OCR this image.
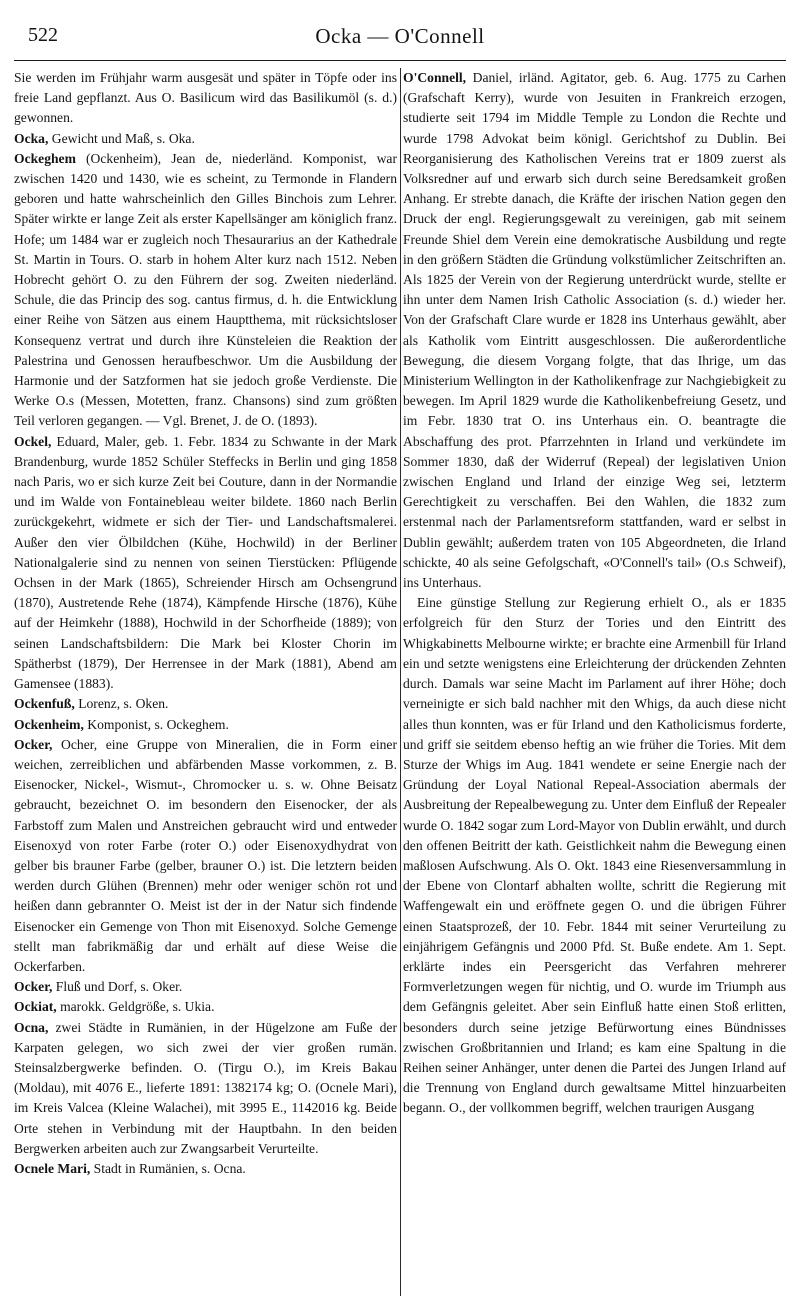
522	Ocka — O'Connell

Sie werden im Frühjahr warm ausgesät und später in Töpfe oder ins freie Land gepflanzt. Aus O. Basilicum wird das Basilikumöl (s. d.) gewonnen.

Ocka, Gewicht und Maß, s. Oka.

Ockeghem (Ockenheim), Jean de, niederländ. Komponist, war zwischen 1420 und 1430, wie es scheint, zu Termonde in Flandern geboren und hatte wahrscheinlich den Gilles Binchois zum Lehrer. Später wirkte er lange Zeit als erster Kapellsänger am königlich franz. Hofe; um 1484 war er zugleich noch Thesaurarius an der Kathedrale St. Martin in Tours. O. starb in hohem Alter kurz nach 1512. Neben Hobrecht gehört O. zu den Führern der sog. Zweiten niederländ. Schule, die das Princip des sog. cantus firmus, d. h. die Entwicklung einer Reihe von Sätzen aus einem Hauptthema, mit rücksichtsloser Konsequenz vertrat und durch ihre Künsteleien die Reaktion der Palestrina und Genossen heraufbeschwor. Um die Ausbildung der Harmonie und der Satzformen hat sie jedoch große Verdienste. Die Werke O.s (Messen, Motetten, franz. Chansons) sind zum größten Teil verloren gegangen. — Vgl. Brenet, J. de O. (1893).

Ockel, Eduard, Maler, geb. 1. Febr. 1834 zu Schwante in der Mark Brandenburg, wurde 1852 Schüler Steffecks in Berlin und ging 1858 nach Paris, wo er sich kurze Zeit bei Couture, dann in der Normandie und im Walde von Fontainebleau weiter bildete. 1860 nach Berlin zurückgekehrt, widmete er sich der Tier- und Landschaftsmalerei. Außer den vier Ölbildchen (Kühe, Hochwild) in der Berliner Nationalgalerie sind zu nennen von seinen Tierstücken: Pflügende Ochsen in der Mark (1865), Schreiender Hirsch am Ochsengrund (1870), Austretende Rehe (1874), Kämpfende Hirsche (1876), Kühe auf der Heimkehr (1888), Hochwild in der Schorfheide (1889); von seinen Landschaftsbildern: Die Mark bei Kloster Chorin im Spätherbst (1879), Der Herrensee in der Mark (1881), Abend am Gamensee (1883).

Ockenfuß, Lorenz, s. Oken.

Ockenheim, Komponist, s. Ockeghem.

Ocker, Ocher, eine Gruppe von Mineralien, die in Form einer weichen, zerreiblichen und abfärbenden Masse vorkommen, z. B. Eisenocker, Nickel-, Wismut-, Chromocker u. s. w. Ohne Beisatz gebraucht, bezeichnet O. im besondern den Eisenocker, der als Farbstoff zum Malen und Anstreichen gebraucht wird und entweder Eisenoxyd von roter Farbe (roter O.) oder Eisenoxydhydrat von gelber bis brauner Farbe (gelber, brauner O.) ist. Die letztern beiden werden durch Glühen (Brennen) mehr oder weniger schön rot und heißen dann gebrannter O. Meist ist der in der Natur sich findende Eisenocker ein Gemenge von Thon mit Eisenoxyd. Solche Gemenge stellt man fabrikmäßig dar und erhält auf diese Weise die Ockerfarben.

Ocker, Fluß und Dorf, s. Oker.

Ockiat, marokk. Geldgröße, s. Ukia.

Ocna, zwei Städte in Rumänien, in der Hügelzone am Fuße der Karpaten gelegen, wo sich zwei der vier großen rumän. Steinsalzbergwerke befinden. O. (Tirgu O.), im Kreis Bakau (Moldau), mit 4076 E., lieferte 1891: 1382174 kg; O. (Ocnele Mari), im Kreis Valcea (Kleine Walachei), mit 3995 E., 1142016 kg. Beide Orte stehen in Verbindung mit der Hauptbahn. In den beiden Bergwerken arbeiten auch zur Zwangsarbeit Verurteilte.

Ocnele Mari, Stadt in Rumänien, s. Ocna.

O'Connell, Daniel, irländ. Agitator, geb. 6. Aug. 1775 zu Carhen (Grafschaft Kerry), wurde von Jesuiten in Frankreich erzogen, studierte seit 1794 im Middle Temple zu London die Rechte und wurde 1798 Advokat beim königl. Gerichtshof zu Dublin. Bei Reorganisierung des Katholischen Vereins trat er 1809 zuerst als Volksredner auf und erwarb sich durch seine Beredsamkeit großen Anhang. Er strebte danach, die Kräfte der irischen Nation gegen den Druck der engl. Regierungsgewalt zu vereinigen, gab mit seinem Freunde Shiel dem Verein eine demokratische Ausbildung und regte in den größern Städten die Gründung volkstümlicher Zeitschriften an. Als 1825 der Verein von der Regierung unterdrückt wurde, stellte er ihn unter dem Namen Irish Catholic Association (s. d.) wieder her. Von der Grafschaft Clare wurde er 1828 ins Unterhaus gewählt, aber als Katholik vom Eintritt ausgeschlossen. Die außerordentliche Bewegung, die diesem Vorgang folgte, that das Ihrige, um das Ministerium Wellington in der Katholikenfrage zur Nachgiebigkeit zu bewegen. Im April 1829 wurde die Katholikenbefreiung Gesetz, und im Febr. 1830 trat O. ins Unterhaus ein. O. beantragte die Abschaffung des prot. Pfarrzehnten in Irland und verkündete im Sommer 1830, daß der Widerruf (Repeal) der legislativen Union zwischen England und Irland der einzige Weg sei, letzterm Gerechtigkeit zu verschaffen. Bei den Wahlen, die 1832 zum erstenmal nach der Parlamentsreform stattfanden, ward er selbst in Dublin gewählt; außerdem traten von 105 Abgeordneten, die Irland schickte, 40 als seine Gefolgschaft, «O'Connell's tail» (O.s Schweif), ins Unterhaus.

Eine günstige Stellung zur Regierung erhielt O., als er 1835 erfolgreich für den Sturz der Tories und den Eintritt des Whigkabinetts Melbourne wirkte; er brachte eine Armenbill für Irland ein und setzte wenigstens eine Erleichterung der drückenden Zehnten durch. Damals war seine Macht im Parlament auf ihrer Höhe; doch verneinigte er sich bald nachher mit den Whigs, da auch diese nicht alles thun konnten, was er für Irland und den Katholicismus forderte, und griff sie seitdem ebenso heftig an wie früher die Tories. Mit dem Sturze der Whigs im Aug. 1841 wendete er seine Energie nach der Gründung der Loyal National Repeal-Association abermals der Ausbreitung der Repealbewegung zu. Unter dem Einfluß der Repealer wurde O. 1842 sogar zum Lord-Mayor von Dublin erwählt, und durch den offenen Beitritt der kath. Geistlichkeit nahm die Bewegung einen maßlosen Aufschwung. Als O. Okt. 1843 eine Riesenversammlung in der Ebene von Clontarf abhalten wollte, schritt die Regierung mit Waffengewalt ein und eröffnete gegen O. und die übrigen Führer einen Staatsprozeß, der 10. Febr. 1844 mit seiner Verurteilung zu einjährigem Gefängnis und 2000 Pfd. St. Buße endete. Am 1. Sept. erklärte indes ein Peersgericht das Verfahren mehrerer Formverletzungen wegen für nichtig, und O. wurde im Triumph aus dem Gefängnis geleitet. Aber sein Einfluß hatte einen Stoß erlitten, besonders durch seine jetzige Befürwortung eines Bündnisses zwischen Großbritannien und Irland; es kam eine Spaltung in die Reihen seiner Anhänger, unter denen die Partei des Jungen Irland auf die Trennung von England durch gewaltsame Mittel hinzuarbeiten begann. O., der vollkommen begriff, welchen traurigen Ausgang
